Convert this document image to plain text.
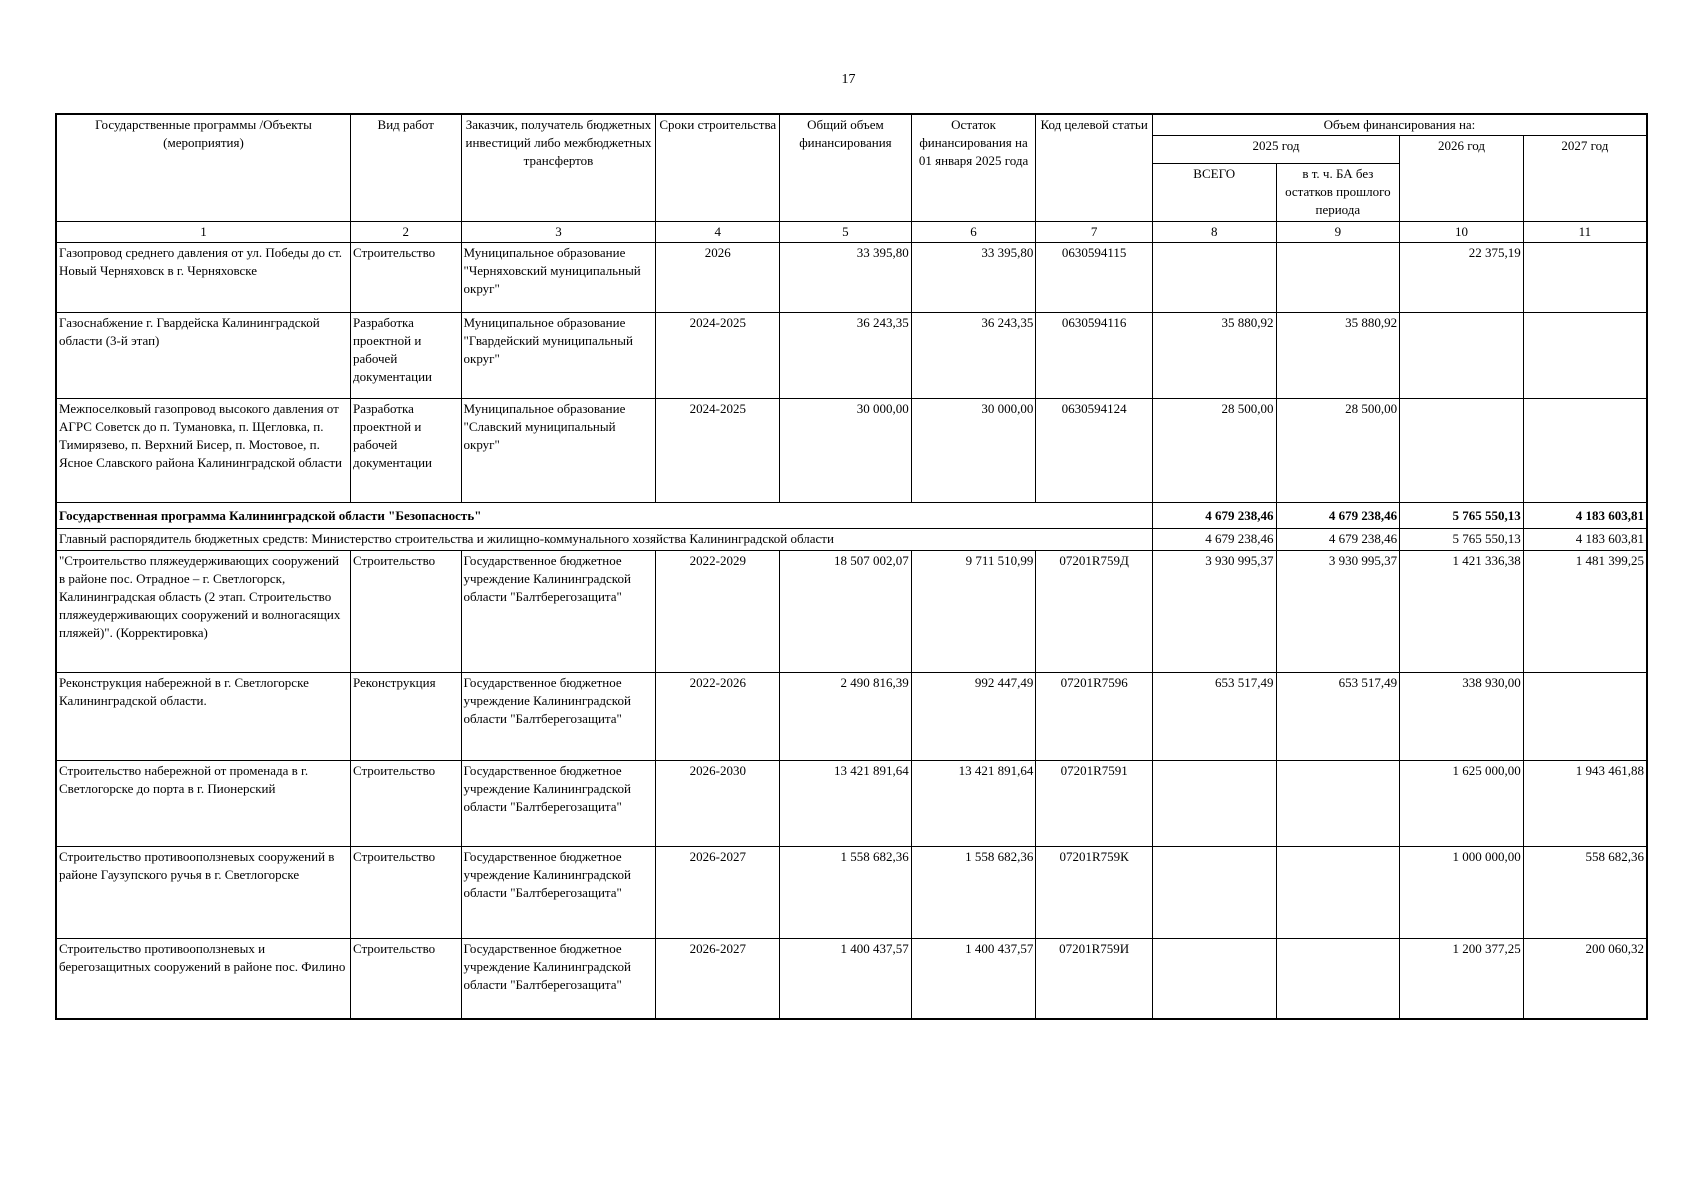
17
Государственные программы /Объекты (мероприятия)	Вид работ	Заказчик, получатель бюджетных инвестиций либо межбюджетных трансфертов	Сроки строительства	Общий объем финансирования	Остаток финансирования на 01 января 2025 года	Код целевой статьи	Объем финансирования на:			
							2025 год		2026 год	2027 год
							ВСЕГО	в т. ч. БА без остатков прошлого периода		
1	2	3	4	5	6	7	8	9	10	11
Газопровод среднего давления от ул. Победы до ст. Новый Черняховск в г. Черняховске	Строительство	Муниципальное образование "Черняховский муниципальный округ"	2026	33 395,80	33 395,80	0630594115			22 375,19	
Газоснабжение г. Гвардейска Калининградской области (3-й этап)	Разработка проектной и рабочей документации	Муниципальное образование "Гвардейский муниципальный округ"	2024-2025	36 243,35	36 243,35	0630594116	35 880,92	35 880,92		
Межпоселковый газопровод высокого давления от АГРС Советск до п. Тумановка, п. Щегловка, п. Тимирязево, п. Верхний Бисер, п. Мостовое, п. Ясное Славского района Калининградской области	Разработка проектной и рабочей документации	Муниципальное образование "Славский муниципальный округ"	2024-2025	30 000,00	30 000,00	0630594124	28 500,00	28 500,00		
Государственная программа Калининградской области "Безопасность"							4 679 238,46	4 679 238,46	5 765 550,13	4 183 603,81
Главный распорядитель бюджетных средств: Министерство строительства и жилищно-коммунального хозяйства Калининградской области							4 679 238,46	4 679 238,46	5 765 550,13	4 183 603,81
"Строительство пляжеудерживающих сооружений в районе пос. Отрадное – г. Светлогорск, Калининградская область (2 этап. Строительство пляжеудерживающих сооружений и волногасящих пляжей)". (Корректировка)	Строительство	Государственное бюджетное учреждение Калининградской области "Балтберегозащита"	2022-2029	18 507 002,07	9 711 510,99	07201R759Д	3 930 995,37	3 930 995,37	1 421 336,38	1 481 399,25
Реконструкция набережной в г. Светлогорске Калининградской области.	Реконструкция	Государственное бюджетное учреждение Калининградской области "Балтберегозащита"	2022-2026	2 490 816,39	992 447,49	07201R7596	653 517,49	653 517,49	338 930,00	
Строительство набережной от променада в г. Светлогорске до порта в г. Пионерский	Строительство	Государственное бюджетное учреждение Калининградской области "Балтберегозащита"	2026-2030	13 421 891,64	13 421 891,64	07201R7591			1 625 000,00	1 943 461,88
Строительство противооползневых сооружений в районе Гаузупского ручья в г. Светлогорске	Строительство	Государственное бюджетное учреждение Калининградской области "Балтберегозащита"	2026-2027	1 558 682,36	1 558 682,36	07201R759К			1 000 000,00	558 682,36
Строительство противооползневых и берегозащитных сооружений в районе пос. Филино	Строительство	Государственное бюджетное учреждение Калининградской области "Балтберегозащита"	2026-2027	1 400 437,57	1 400 437,57	07201R759И			1 200 377,25	200 060,32
